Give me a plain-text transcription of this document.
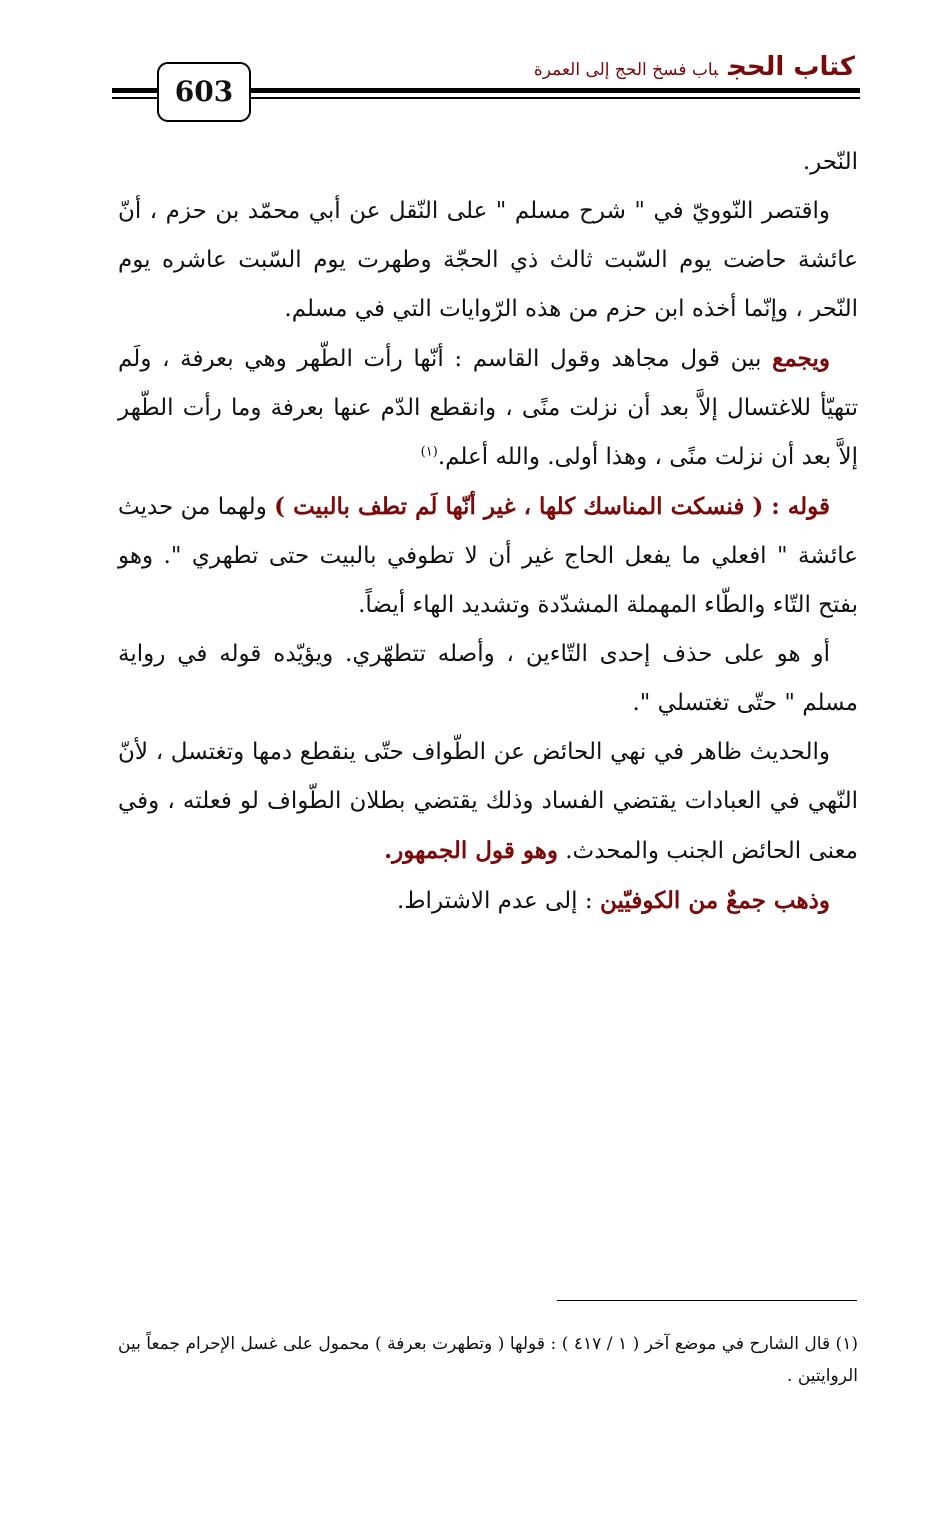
كتاب الحجباب فسخ الحج إلى العمرة
603

النّحر.

واقتصر النّوويّ في " شرح مسلم " على النّقل عن أبي محمّد بن حزم ، أنّ عائشة حاضت يوم السّبت ثالث ذي الحجّة وطهرت يوم السّبت عاشره يوم النّحر ، وإنّما أخذه ابن حزم من هذه الرّوايات التي في مسلم.

ويجمع بين قول مجاهد وقول القاسم : أنّها رأت الطّهر وهي بعرفة ، ولَم تتهيّأ للاغتسال إلاَّ بعد أن نزلت منًى ، وانقطع الدّم عنها بعرفة وما رأت الطّهر إلاَّ بعد أن نزلت منًى ، وهذا أولى. والله أعلم.$^{(١)}$

قوله : ( فنسكت المناسك كلها ، غير أنّها لَم تطف بالبيت ) ولهما من حديث عائشة " افعلي ما يفعل الحاج غير أن لا تطوفي بالبيت حتى تطهري ". وهو بفتح التّاء والطّاء المهملة المشدّدة وتشديد الهاء أيضاً.

أو هو على حذف إحدى التّاءين ، وأصله تتطهّري. ويؤيّده قوله في رواية مسلم " حتّى تغتسلي ".

والحديث ظاهر في نهي الحائض عن الطّواف حتّى ينقطع دمها وتغتسل ، لأنّ النّهي في العبادات يقتضي الفساد وذلك يقتضي بطلان الطّواف لو فعلته ، وفي معنى الحائض الجنب والمحدث. وهو قول الجمهور.

وذهب جمعٌ من الكوفيّين : إلى عدم الاشتراط.

(١) قال الشارح في موضع آخر ( ١ / ٤١٧ ) : قولها ( وتطهرت بعرفة ) محمول على غسل الإحرام جمعاً بين الروايتين .
